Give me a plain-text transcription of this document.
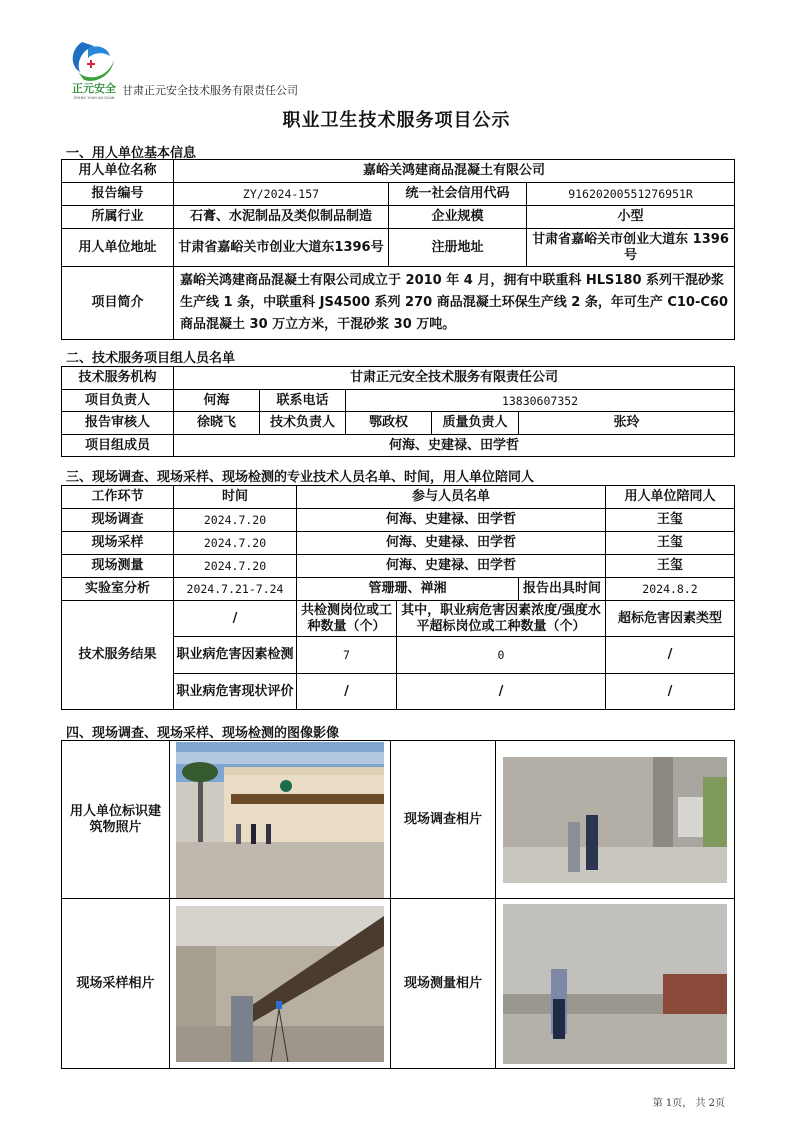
正元安全
ZHENG YUAN AN QUAN
甘肃正元安全技术服务有限责任公司
职业卫生技术服务项目公示
一、用人单位基本信息
用人单位名称	嘉峪关鸿建商品混凝土有限公司		
报告编号	ZY/2024-157	统一社会信用代码	91620200551276951R
所属行业	石膏、水泥制品及类似制品制造	企业规模	小型
用人单位地址	甘肃省嘉峪关市创业大道东1396号	注册地址	甘肃省嘉峪关市创业大道东 1396号
项目简介	嘉峪关鸿建商品混凝土有限公司成立于 2010 年 4 月，拥有中联重科 HLS180 系列干混砂浆生产线 1 条，中联重科 JS4500 系列 270 商品混凝土环保生产线 2 条，年可生产 C10-C60 商品混凝土 30 万立方米，干混砂浆 30 万吨。		
二、技术服务项目组人员名单
技术服务机构	甘肃正元安全技术服务有限责任公司				
项目负责人	何海	联系电话	13830607352		
报告审核人	徐晓飞	技术负责人	鄂政权	质量负责人	张玲
项目组成员	何海、史建禄、田学哲				
三、现场调查、现场采样、现场检测的专业技术人员名单、时间，用人单位陪同人
工作环节	时间	参与人员名单			用人单位陪同人
现场调查	2024.7.20	何海、史建禄、田学哲			王玺
现场采样	2024.7.20	何海、史建禄、田学哲			王玺
现场测量	2024.7.20	何海、史建禄、田学哲			王玺
实验室分析	2024.7.21-7.24	管珊珊、禅湘		报告出具时间	2024.8.2
技术服务结果	/	共检测岗位或工种数量（个）	其中，职业病危害因素浓度/强度水平超标岗位或工种数量（个）		超标危害因素类型
	职业病危害因素检测	7	0		/
	职业病危害现状评价	/	/		/
四、现场调查、现场采样、现场检测的图像影像
用人单位标识建筑物照片		现场调查相片	

现场采样相片		现场测量相片	
第 1页， 共 2页
